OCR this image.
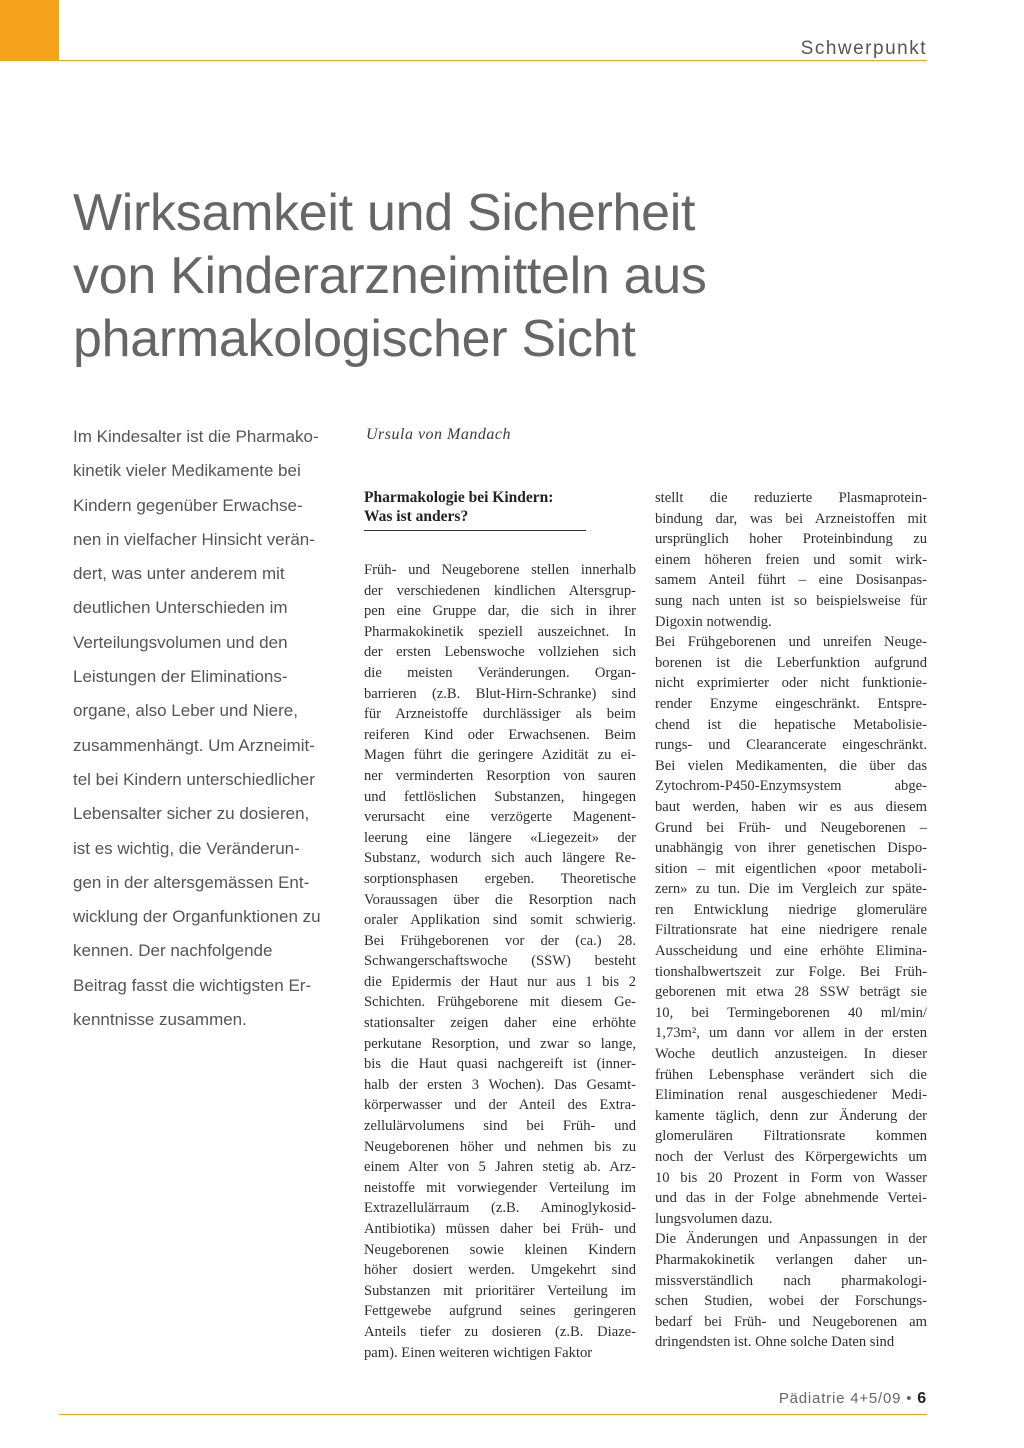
Schwerpunkt
Wirksamkeit und Sicherheit
von Kinderarzneimitteln aus
pharmakologischer Sicht
Im Kindesalter ist die Pharmako-
kinetik vieler Medikamente bei
Kindern gegenüber Erwachse-
nen in vielfacher Hinsicht verän-
dert, was unter anderem mit
deutlichen Unterschieden im
Verteilungsvolumen und den
Leistungen der Eliminations-
organe, also Leber und Niere,
zusammenhängt. Um Arzneimit-
tel bei Kindern unterschiedlicher
Lebensalter sicher zu dosieren,
ist es wichtig, die Veränderun-
gen in der altersgemässen Ent-
wicklung der Organfunktionen zu
kennen. Der nachfolgende
Beitrag fasst die wichtigsten Er-
kenntnisse zusammen.
Ursula von Mandach
Pharmakologie bei Kindern:
Was ist anders?
Früh- und Neugeborene stellen innerhalb
der verschiedenen kindlichen Altersgrup-
pen eine Gruppe dar, die sich in ihrer
Pharmakokinetik speziell auszeichnet. In
der ersten Lebenswoche vollziehen sich
die meisten Veränderungen. Organ-
barrieren (z.B. Blut-Hirn-Schranke) sind
für Arzneistoffe durchlässiger als beim
reiferen Kind oder Erwachsenen. Beim
Magen führt die geringere Azidität zu ei-
ner verminderten Resorption von sauren
und fettlöslichen Substanzen, hingegen
verursacht eine verzögerte Magenent-
leerung eine längere «Liegezeit» der
Substanz, wodurch sich auch längere Re-
sorptionsphasen ergeben. Theoretische
Voraussagen über die Resorption nach
oraler Applikation sind somit schwierig.
Bei Frühgeborenen vor der (ca.) 28.
Schwangerschaftswoche (SSW) besteht
die Epidermis der Haut nur aus 1 bis 2
Schichten. Frühgeborene mit diesem Ge-
stationsalter zeigen daher eine erhöhte
perkutane Resorption, und zwar so lange,
bis die Haut quasi nachgereift ist (inner-
halb der ersten 3 Wochen). Das Gesamt-
körperwasser und der Anteil des Extra-
zellulärvolumens sind bei Früh- und
Neugeborenen höher und nehmen bis zu
einem Alter von 5 Jahren stetig ab. Arz-
neistoffe mit vorwiegender Verteilung im
Extrazellulärraum (z.B. Aminoglykosid-
Antibiotika) müssen daher bei Früh- und
Neugeborenen sowie kleinen Kindern
höher dosiert werden. Umgekehrt sind
Substanzen mit prioritärer Verteilung im
Fettgewebe aufgrund seines geringeren
Anteils tiefer zu dosieren (z.B. Diaze-
pam). Einen weiteren wichtigen Faktor
stellt die reduzierte Plasmaprotein-
bindung dar, was bei Arzneistoffen mit
ursprünglich hoher Proteinbindung zu
einem höheren freien und somit wirk-
samem Anteil führt – eine Dosisanpas-
sung nach unten ist so beispielsweise für
Digoxin notwendig.
Bei Frühgeborenen und unreifen Neuge-
borenen ist die Leberfunktion aufgrund
nicht exprimierter oder nicht funktionie-
render Enzyme eingeschränkt. Entspre-
chend ist die hepatische Metabolisie-
rungs- und Clearancerate eingeschränkt.
Bei vielen Medikamenten, die über das
Zytochrom-P450-Enzymsystem abge-
baut werden, haben wir es aus diesem
Grund bei Früh- und Neugeborenen –
unabhängig von ihrer genetischen Dispo-
sition – mit eigentlichen «poor metaboli-
zern» zu tun. Die im Vergleich zur späte-
ren Entwicklung niedrige glomeruläre
Filtrationsrate hat eine niedrigere renale
Ausscheidung und eine erhöhte Elimina-
tionshalbwertszeit zur Folge. Bei Früh-
geborenen mit etwa 28 SSW beträgt sie
10, bei Termingeborenen 40 ml/min/
1,73m², um dann vor allem in der ersten
Woche deutlich anzusteigen. In dieser
frühen Lebensphase verändert sich die
Elimination renal ausgeschiedener Medi-
kamente täglich, denn zur Änderung der
glomerulären Filtrationsrate kommen
noch der Verlust des Körpergewichts um
10 bis 20 Prozent in Form von Wasser
und das in der Folge abnehmende Vertei-
lungsvolumen dazu.
Die Änderungen und Anpassungen in der
Pharmakokinetik verlangen daher un-
missverständlich nach pharmakologi-
schen Studien, wobei der Forschungs-
bedarf bei Früh- und Neugeborenen am
dringendsten ist. Ohne solche Daten sind
Pädiatrie 4+5/09 • 6
